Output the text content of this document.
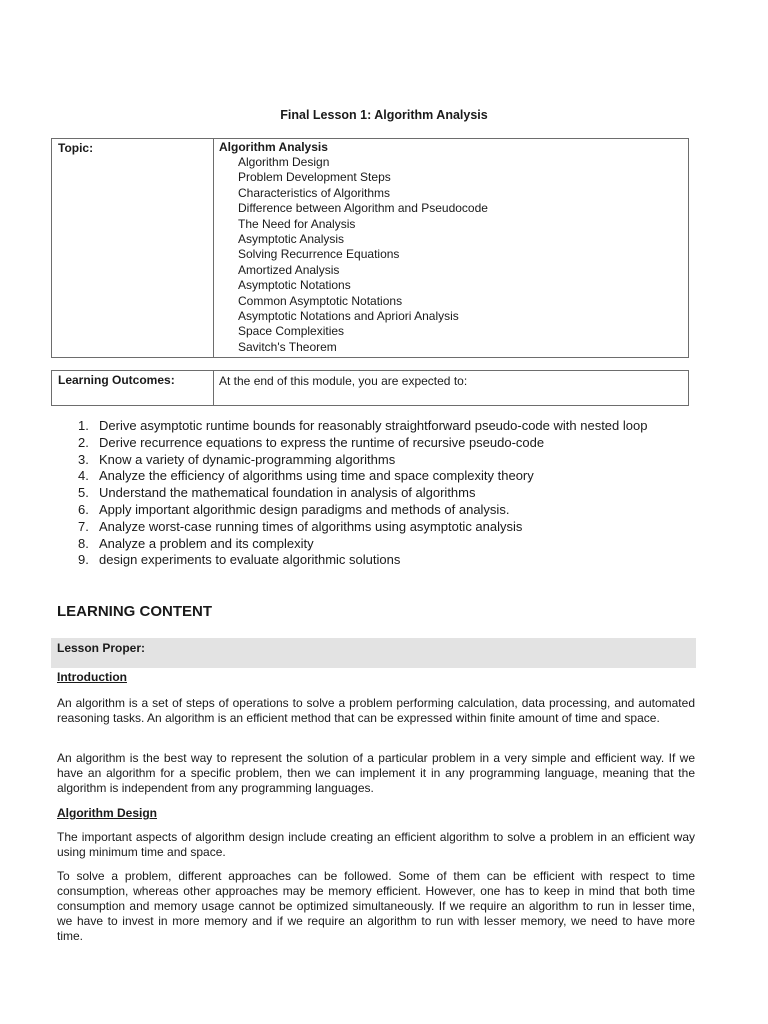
Final Lesson 1: Algorithm Analysis
Topic:	Algorithm Analysis
Algorithm Design
Problem Development Steps
Characteristics of Algorithms
Difference between Algorithm and Pseudocode
The Need for Analysis
Asymptotic Analysis
Solving Recurrence Equations
Amortized Analysis
Asymptotic Notations
Common Asymptotic Notations
Asymptotic Notations and Apriori Analysis
Space Complexities
Savitch's Theorem
Learning Outcomes:	At the end of this module, you are expected to:
1. Derive asymptotic runtime bounds for reasonably straightforward pseudo-code with nested loop
2. Derive recurrence equations to express the runtime of recursive pseudo-code
3. Know a variety of dynamic-programming algorithms
4. Analyze the efficiency of algorithms using time and space complexity theory
5. Understand the mathematical foundation in analysis of algorithms
6. Apply important algorithmic design paradigms and methods of analysis.
7. Analyze worst-case running times of algorithms using asymptotic analysis
8. Analyze a problem and its complexity
9. design experiments to evaluate algorithmic solutions
LEARNING CONTENT
Lesson Proper:
Introduction

An algorithm is a set of steps of operations to solve a problem performing calculation, data processing, and automated reasoning tasks. An algorithm is an efficient method that can be expressed within finite amount of time and space.

An algorithm is the best way to represent the solution of a particular problem in a very simple and efficient way. If we have an algorithm for a specific problem, then we can implement it in any programming language, meaning that the algorithm is independent from any programming languages.

Algorithm Design

The important aspects of algorithm design include creating an efficient algorithm to solve a problem in an efficient way using minimum time and space.

To solve a problem, different approaches can be followed. Some of them can be efficient with respect to time consumption, whereas other approaches may be memory efficient. However, one has to keep in mind that both time consumption and memory usage cannot be optimized simultaneously. If we require an algorithm to run in lesser time, we have to invest in more memory and if we require an algorithm to run with lesser memory, we need to have more time.
